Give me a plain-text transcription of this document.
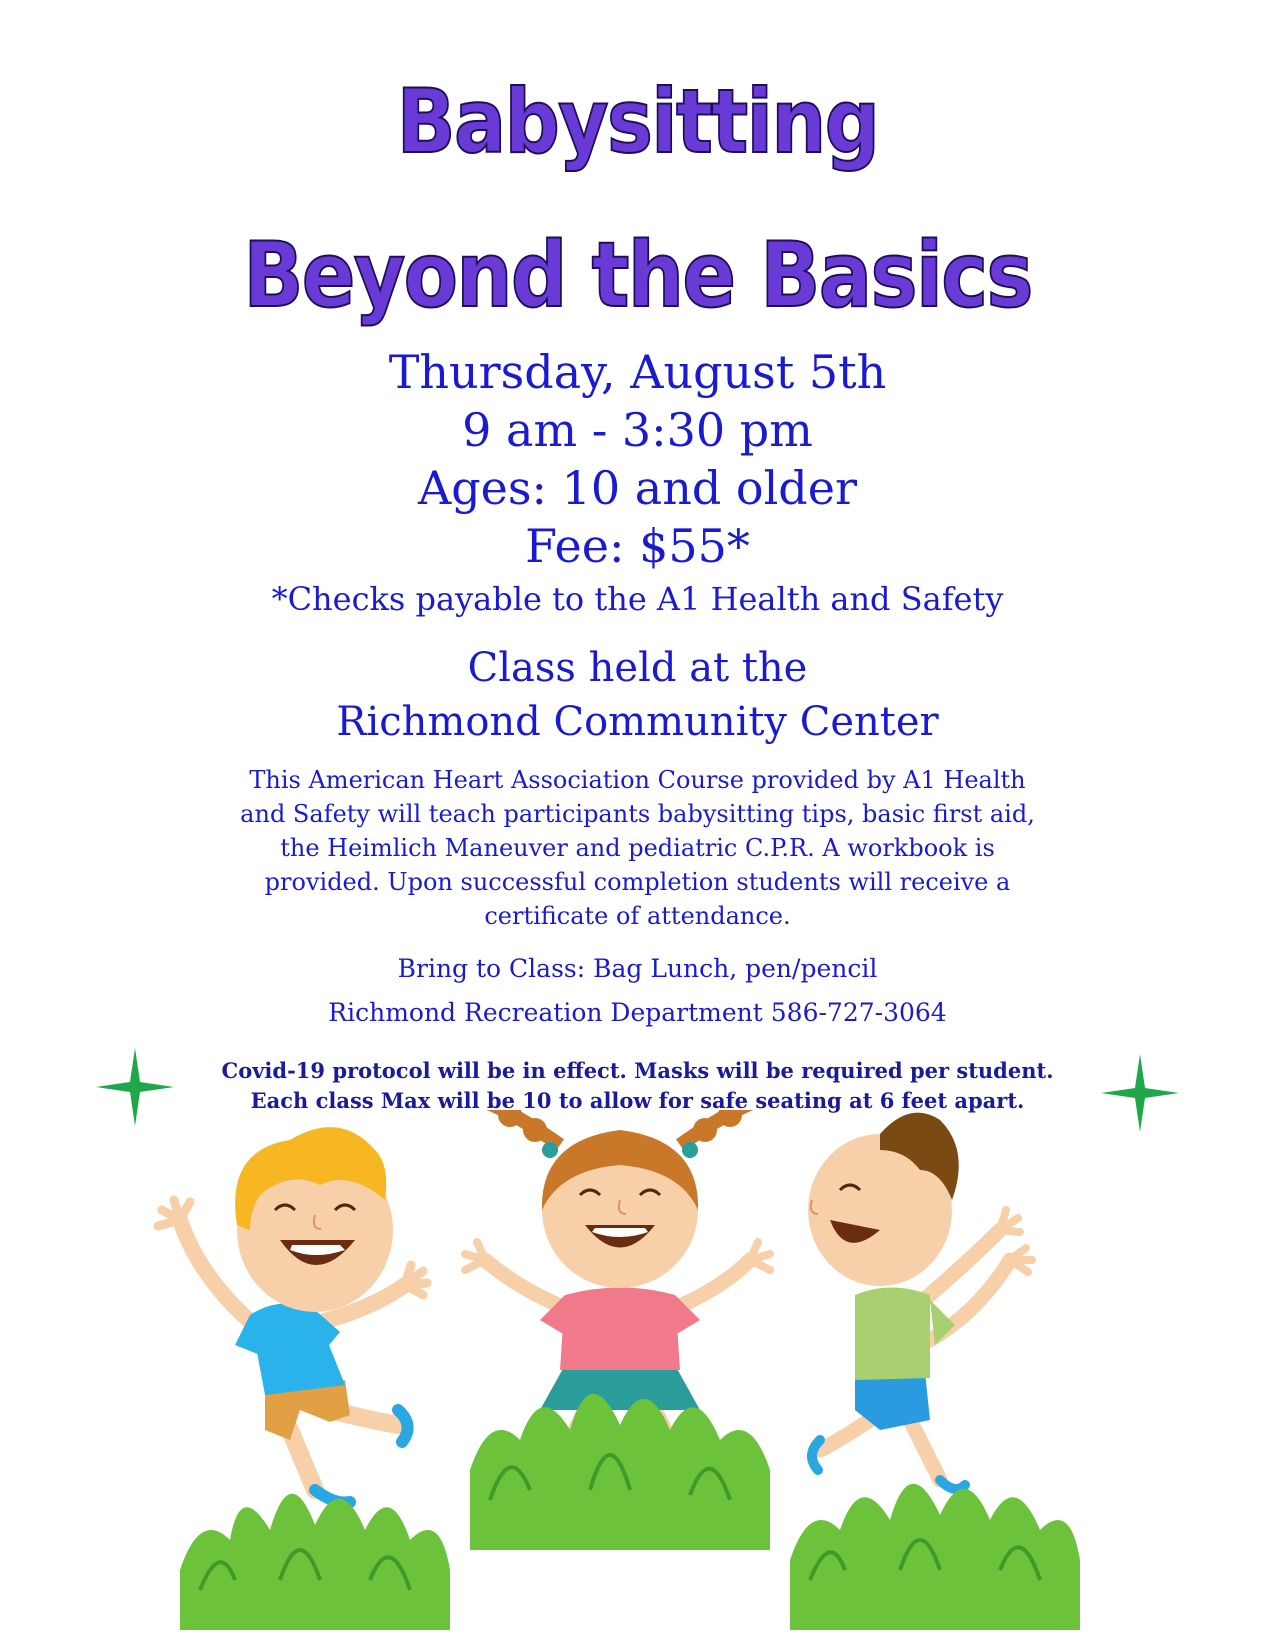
Babysitting
Beyond the Basics
Thursday, August 5th
9 am - 3:30 pm
Ages: 10 and older
Fee: $55*
*Checks payable to the A1 Health and Safety
Class held at the
Richmond Community Center
This American Heart Association Course provided by A1 Health
and Safety will teach participants babysitting tips, basic first aid,
the Heimlich Maneuver and pediatric C.P.R. A workbook is
provided. Upon successful completion students will receive a
certificate of attendance.
Bring to Class: Bag Lunch, pen/pencil
Richmond Recreation Department 586-727-3064
Covid-19 protocol will be in effect. Masks will be required per student.
Each class Max will be 10 to allow for safe seating at 6 feet apart.
